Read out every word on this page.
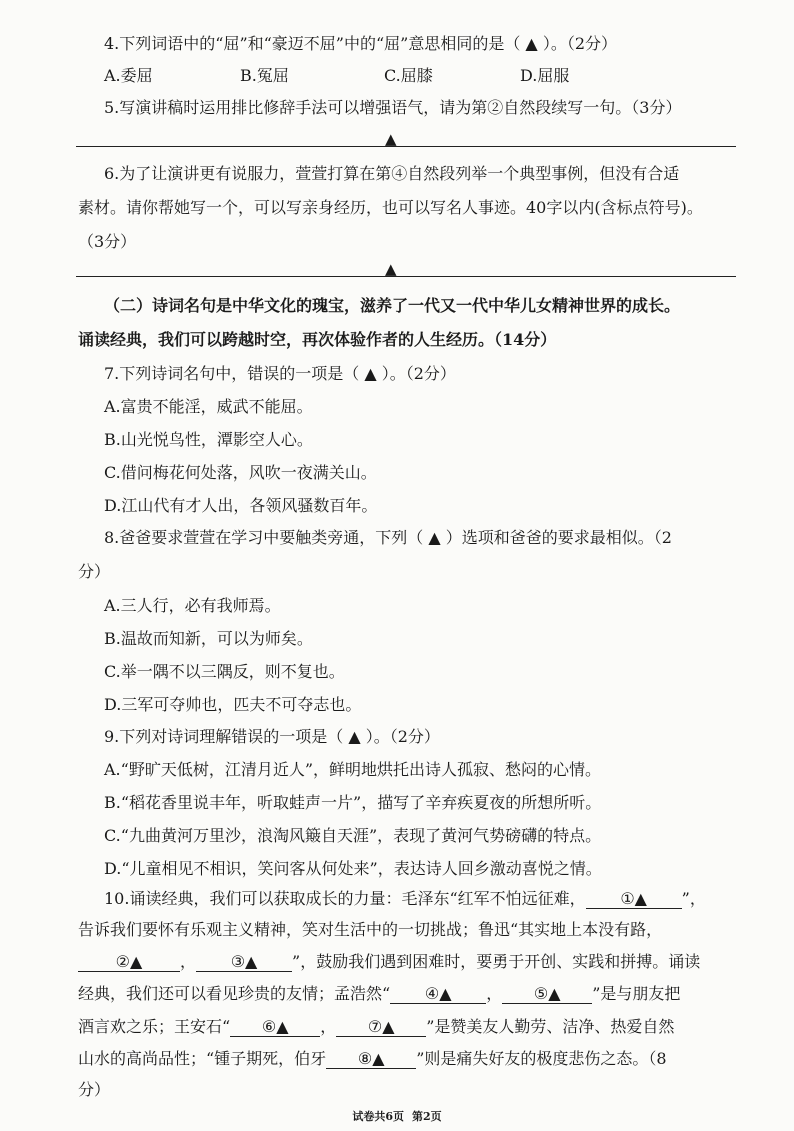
4.下列词语中的“屈”和“豪迈不屈”中的“屈”意思相同的是（ ▲ ）。（2分）
A.委屈	B.冤屈	C.屈膝	D.屈服
5.写演讲稿时运用排比修辞手法可以增强语气，请为第②自然段续写一句。（3分）
▲
6.为了让演讲更有说服力，萱萱打算在第④自然段列举一个典型事例，但没有合适
素材。请你帮她写一个，可以写亲身经历，也可以写名人事迹。40字以内(含标点符号)。
（3分）
▲
（二）诗词名句是中华文化的瑰宝，滋养了一代又一代中华儿女精神世界的成长。
诵读经典，我们可以跨越时空，再次体验作者的人生经历。（14分）
7.下列诗词名句中，错误的一项是（ ▲ ）。（2分）
A.富贵不能淫，威武不能屈。
B.山光悦鸟性，潭影空人心。
C.借问梅花何处落，风吹一夜满关山。
D.江山代有才人出，各领风骚数百年。
8.爸爸要求萱萱在学习中要触类旁通，下列（ ▲ ）选项和爸爸的要求最相似。（2
分）
A.三人行，必有我师焉。
B.温故而知新，可以为师矣。
C.举一隅不以三隅反，则不复也。
D.三军可夺帅也，匹夫不可夺志也。
9.下列对诗词理解错误的一项是（ ▲ ）。（2分）
A.“野旷天低树，江清月近人”，鲜明地烘托出诗人孤寂、愁闷的心情。
B.“稻花香里说丰年，听取蛙声一片”，描写了辛弃疾夏夜的所想所听。
C.“九曲黄河万里沙，浪淘风簸自天涯”，表现了黄河气势磅礴的特点。
D.“儿童相见不相识，笑问客从何处来”，表达诗人回乡激动喜悦之情。
10.诵读经典，我们可以获取成长的力量：毛泽东“红军不怕远征难， ①▲ ”，
告诉我们要怀有乐观主义精神，笑对生活中的一切挑战；鲁迅“其实地上本没有路，
②▲ ， ③▲ ”，鼓励我们遇到困难时，要勇于开创、实践和拼搏。诵读
经典，我们还可以看见珍贵的友情；孟浩然“ ④▲ ， ⑤▲ ”是与朋友把
酒言欢之乐；王安石“ ⑥▲ ， ⑦▲ ”是赞美友人勤劳、洁净、热爱自然
山水的高尚品性；“锺子期死，伯牙 ⑧▲ ”则是痛失好友的极度悲伤之态。（8
分）
试卷共6页 第2页
